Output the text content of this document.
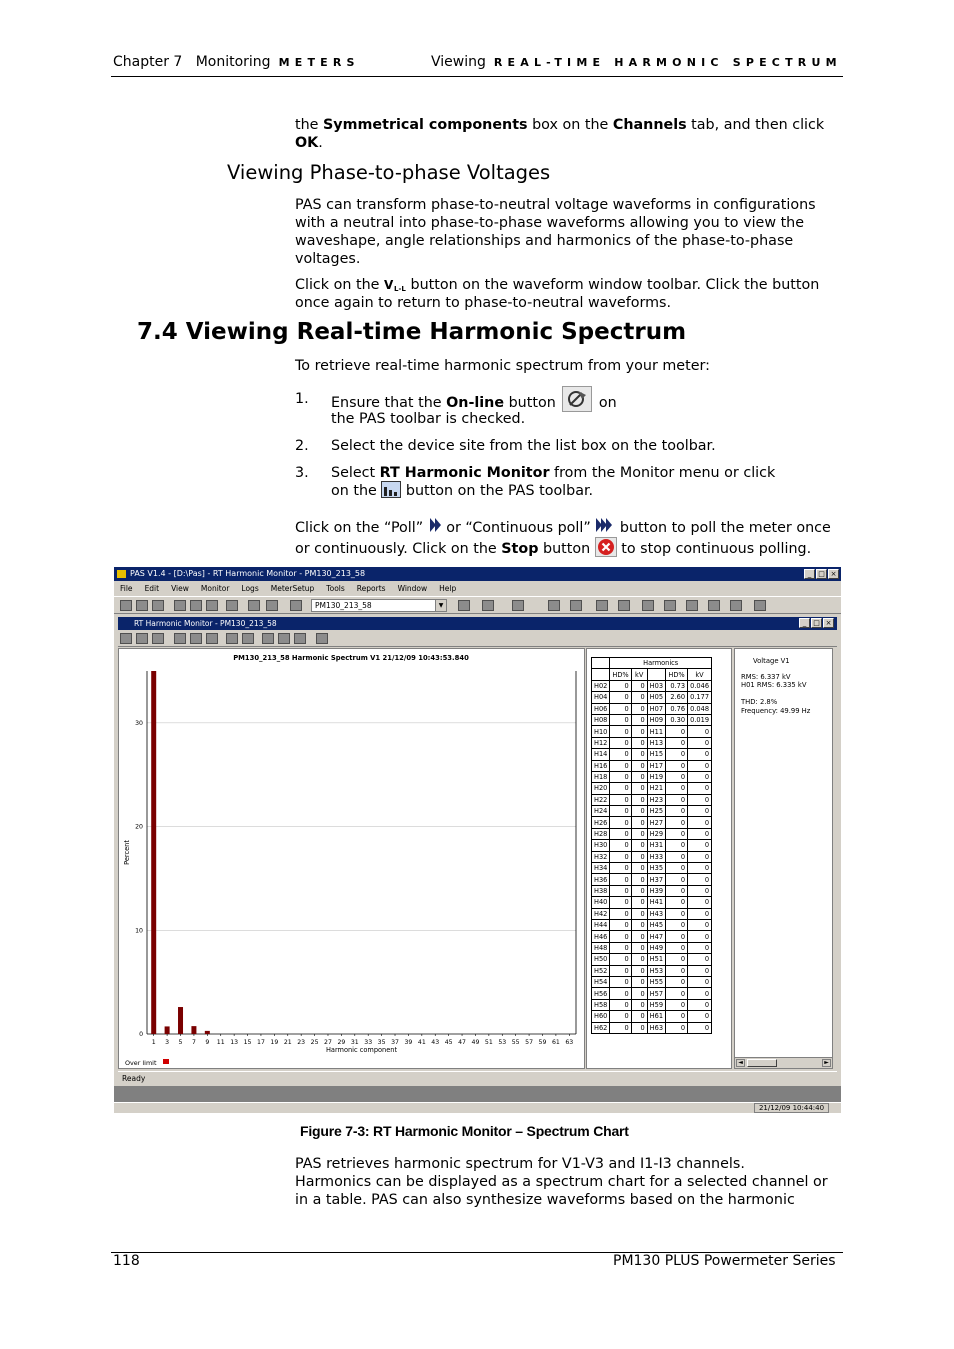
Chapter 7 Monitoring METERS	Viewing REAL-TIME HARMONIC SPECTRUM
the Symmetrical components box on the Channels tab, and then click
OK.
Viewing Phase-to-phase Voltages
PAS can transform phase-to-neutral voltage waveforms in configurations
with a neutral into phase-to-phase waveforms allowing you to view the
waveshape, angle relationships and harmonics of the phase-to-phase
voltages.
Click on the V L-L button on the waveform window toolbar. Click the button
once again to return to phase-to-neutral waveforms.
7.4 Viewing Real-time Harmonic Spectrum
To retrieve real-time harmonic spectrum from your meter:
1. Ensure that the On-line button	on
the PAS toolbar is checked.
2. Select the device site from the list box on the toolbar.
3. Select RT Harmonic Monitor from the Monitor menu or click
on the  button on the PAS toolbar.
Click on the “Poll”  or “Continuous poll”  button to poll the meter once
or continuously. Click on the Stop button  to stop continuous polling.
PAS V1.4 - [D:\Pas] - RT Harmonic Monitor - PM130_213_58	_ □ ×
File Edit View Monitor Logs MeterSetup Tools Reports Window Help
PM130_213_58	▼
RT Harmonic Monitor - PM130_213_58	_ □ ×
PM130_213_58 Harmonic Spectrum V1 21/12/09 10:43:53.840
0
10
20
30
Percent
1 3 5 7 9 11 13 15 17 19 21 23 25 27 29 31 33 35 37 39 41 43 45 47 49 51 53 55 57 59 61 63
Harmonic component
Over limit
	Harmonics				
	HD%	kV		HD%	kV
H02	0	0	H03	0.73	0.046
H04	0	0	H05	2.60	0.177
H06	0	0	H07	0.76	0.048
H08	0	0	H09	0.30	0.019
H10	0	0	H11	0	0
H12	0	0	H13	0	0
H14	0	0	H15	0	0
H16	0	0	H17	0	0
H18	0	0	H19	0	0
H20	0	0	H21	0	0
H22	0	0	H23	0	0
H24	0	0	H25	0	0
H26	0	0	H27	0	0
H28	0	0	H29	0	0
H30	0	0	H31	0	0
H32	0	0	H33	0	0
H34	0	0	H35	0	0
H36	0	0	H37	0	0
H38	0	0	H39	0	0
H40	0	0	H41	0	0
H42	0	0	H43	0	0
H44	0	0	H45	0	0
H46	0	0	H47	0	0
H48	0	0	H49	0	0
H50	0	0	H51	0	0
H52	0	0	H53	0	0
H54	0	0	H55	0	0
H56	0	0	H57	0	0
H58	0	0	H59	0	0
H60	0	0	H61	0	0
H62	0	0	H63	0	0
Voltage V1
RMS: 6.337 kV
H01 RMS: 6.335 kV
THD: 2.8%
Frequency: 49.99 Hz
◄	►
Ready
21/12/09 10:44:40
Figure 7-3: RT Harmonic Monitor – Spectrum Chart
PAS retrieves harmonic spectrum for V1-V3 and I1-I3 channels.
Harmonics can be displayed as a spectrum chart for a selected channel or
in a table. PAS can also synthesize waveforms based on the harmonic
118	PM130 PLUS Powermeter Series
